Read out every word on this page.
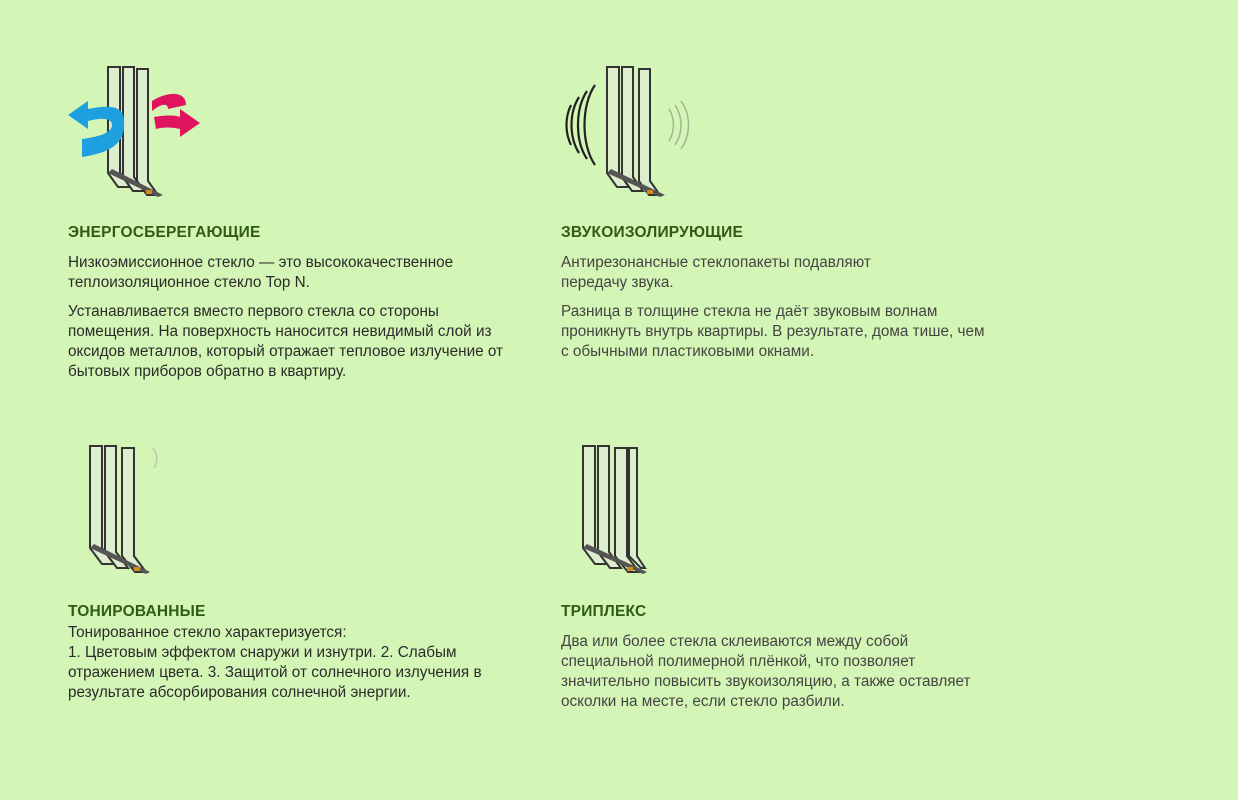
ЭНЕРГОСБЕРЕГАЮЩИЕ

Низкоэмиссионное стекло — это высококачественное теплоизоляционное стекло Top N.

Устанавливается вместо первого стекла со стороны помещения. На поверхность наносится невидимый слой из оксидов металлов, который отражает тепловое излучение от бытовых приборов обратно в квартиру.

ЗВУКОИЗОЛИРУЮЩИЕ

Антирезонансные стеклопакеты подавляют передачу звука.

Разница в толщине стекла не даёт звуковым волнам проникнуть внутрь квартиры. В результате, дома тише, чем с обычными пластиковыми окнами.

ТОНИРОВАННЫЕ

Тонированное стекло характеризуется:

1. Цветовым эффектом снаружи и изнутри. 2. Слабым отражением цвета. 3. Защитой от солнечного излучения в результате абсорбирования солнечной энергии.

ТРИПЛЕКС

Два или более стекла склеиваются между собой специальной полимерной плёнкой, что позволяет значительно повысить звукоизоляцию, а также оставляет осколки на месте, если стекло разбили.
